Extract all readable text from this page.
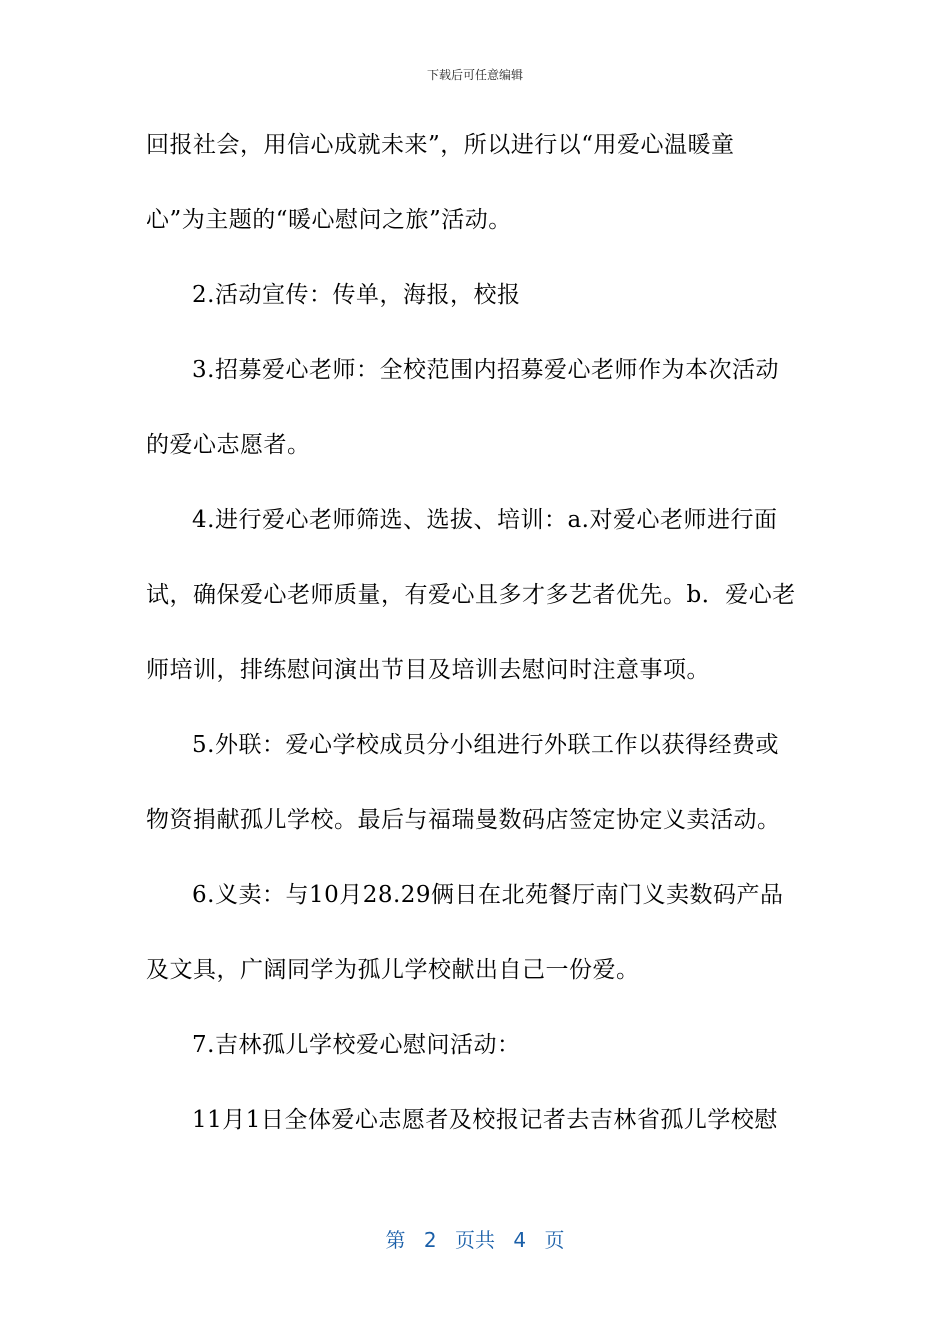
下载后可任意编辑
回报社会，用信心成就未来”，所以进行以“用爱心温暖童
心”为主题的“暖心慰问之旅”活动。
2.活动宣传：传单，海报，校报
3.招募爱心老师：全校范围内招募爱心老师作为本次活动
的爱心志愿者。
4.进行爱心老师筛选、选拔、培训：a.对爱心老师进行面
试，确保爱心老师质量，有爱心且多才多艺者优先。b．爱心老
师培训，排练慰问演出节目及培训去慰问时注意事项。
5.外联：爱心学校成员分小组进行外联工作以获得经费或
物资捐献孤儿学校。最后与福瑞曼数码店签定协定义卖活动。
6.义卖：与10月28.29俩日在北苑餐厅南门义卖数码产品
及文具，广阔同学为孤儿学校献出自己一份爱。
7.吉林孤儿学校爱心慰问活动：
11月1日全体爱心志愿者及校报记者去吉林省孤儿学校慰
第 2 页共 4 页
